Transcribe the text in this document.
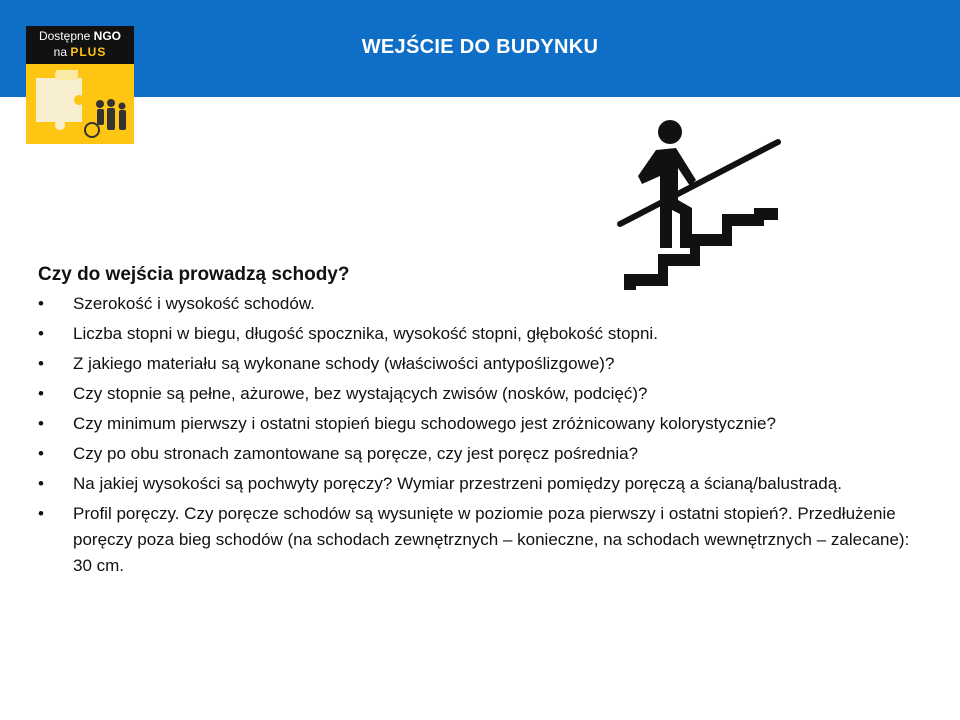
WEJŚCIE DO BUDYNKU
Dostępne NGO
na PLUS
Czy do wejścia prowadzą schody?
•	Szerokość i wysokość schodów.
•	Liczba stopni w biegu, długość spocznika, wysokość stopni, głębokość stopni.
•	Z jakiego materiału są wykonane schody (właściwości antypoślizgowe)?
•	Czy stopnie są pełne, ażurowe, bez wystających zwisów (nosków, podcięć)?
•	Czy minimum pierwszy i ostatni stopień biegu schodowego jest zróżnicowany kolorystycznie?
•	Czy po obu stronach zamontowane są poręcze, czy jest poręcz pośrednia?
•	Na jakiej wysokości są pochwyty poręczy? Wymiar przestrzeni pomiędzy poręczą a ścianą/balustradą.
•	Profil poręczy. Czy poręcze schodów są wysunięte w poziomie poza pierwszy i ostatni stopień?. Przedłużenie poręczy poza bieg schodów (na schodach zewnętrznych – konieczne, na schodach wewnętrznych – zalecane): 30 cm.
